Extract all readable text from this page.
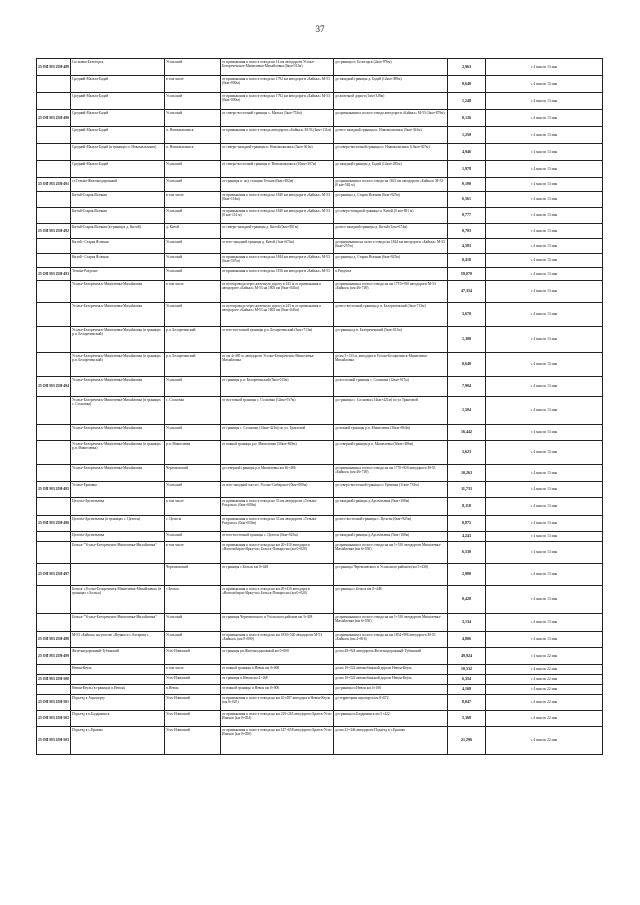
37
25 ОП МЗ 25Н-489	Сосновка-Белогорск	Усольский	от примыкания к полосе отвода на 14 км автодороги Усолье-Белореченское-Мишелевка-Михайловка (0км+013м)	до границы п. Белогорск (2км+976м)	2,963	с 4 мая по 13 мая
	Средний-Мальта-Бадай	в том числе	от примыкания к полосе отвода на 1792 км автодороги «Байкал» М-53 (0км+000м)	до западной границы д. Бадай (12км+389м)	9,648	с 4 мая по 13 мая
	Средний-Мальта-Бадай	Усольский	от примыкания к полосе отвода на 1792 км автодороги «Байкал» М-53 (0км+000м)	до железной дороги (1км+338м)	1,248	с 4 мая по 13 мая
25 ОП МЗ 25Н-490	Средний-Мальта-Бадай	Усольский	от северо-восточной границы с. Мальта (3км+753м)	до примыкания к полосе отвода автодороги «Байкал» М-53 (3км+879м)	0,126	с 4 мая по 13 мая
	Средний-Мальта-Бадай	п. Новомальтинск	от примыкания к полосе отвода автодороги «Байкал» М-53 (4км+111м)	до юго-западной границы п. Новомальтинск (5км+361м)	1,250	с 4 мая по 13 мая
	Средний-Мальта-Бадай (в границах п. Новомальтинск)	п. Новомальтинск	от северо-западной границы п. Новомальтинск (5км+361м)	до северо-восточной границы п. Новомальтинск (10км+307м)	4,946	с 4 мая по 13 мая
	Средний-Мальта-Бадай	Усольский	от северо-восточной границы п. Новомальтинск (10км+307м)	до западной границы д. Бадай (12км+285м)	1,978	с 4 мая по 13 мая
25 ОП МЗ 25Н-491	ст.Тельма-Железнодорожный	Усольский	от границы п. ж/д станции Тельма (0км+482м)	до примыкания к полосе отвода на 1821 км автодороги «Байкал» М-53 (0 км+582 м)	0,100	с 4 мая по 13 мая
	Китой-Старая Ясачная	в том числе	от примыкания к полосе отвода на 1840 км автодороги «Байкал» М-53 (0км+114м)	до границы д. Старая Ясачная (6км+925м)	6,561	с 4 мая по 13 мая
	Китой-Старая Ясачная	Усольский	от примыкания к полосе отвода на 1840 км автодороги «Байкал» М-53 (0 км+114 м)	до северо-западной границы п. Китой (0 км+891 м)	0,777	с 4 мая по 13 мая
25 ОП МЗ 25Н-492	Китой-Старая Ясачная (в границах д. Китой)	д. Китой	от северо-западной границы д. Китой (0км+891м)	до юго-западной границы д. Китой (1км+674м)	0,783	с 4 мая по 13 мая
	Китой - Старая Ясачная	Усольский	от юго-западной границы д. Китой (1км+674м)	до примыкания на полосе отвода на 1844 км автодороги «Байкал» М-53 (6км+257м)	4,583	с 4 мая по 13 мая
	Китой - Старая Ясачная	Усольский	от примыкания к полосе отвода на 1844 км автодороги «Байкал» М-53 (6км+507м)	до границы д. Старая Ясачная (6км+925м)	0,418	с 4 мая по 13 мая
25 ОП МЗ 25Н-493	Тельма-Раздолье	Усольский	от примыкания к полосе отвода на 1816 км автодороги «Байкал» М-53	п.Раздолье	59,070	с 4 мая по 13 мая
	Усолье-Белореченск-Мишелевка-Михайловка	в том числе	от путепровода через железную дорогу в 243 м от примыкания к автодороге «Байкал» М-53 на 1803 км (0км+043м)	до примыкания к полосе отвода на км 17Т0+950 автодороги М-53 «Байкал» (км 46+749)	47,354	с 4 мая по 13 мая
	Усолье-Белореченск-Мишелевка-Михайловка	Усольский	от путепровода через железную дорогу в 243 м от примыкания к автодороге «Байкал» М-53 на 1803 км (0км+043м)	до юго-восточной границы р.п. Белореченский (3км+713м)	3,670	с 4 мая по 13 мая
	Усолье-Белореченск-Мишелевка-Михайловка (в границах р.п. Белореченский)	р.п. Белореченский	от юго-восточной границы р.п. Белореченский (3км+713м)	до границы р.п. Белореченский (5км+013м)	1,300	с 4 мая по 13 мая
	Усолье-Белореченск-Мишелевка-Михайловка (в границах р.п. Белореченский)	р.п. Белореченский	от км 4+485 м. автодороги Усолье-Белореченск-Мишелевка-Михайловка	до км 5+133 м. автодороги Усолье-Белореченск-Мишелевка-Михайловка	0,648	с 4 мая по 13 мая
25 ОП МЗ 25Н-494	Усолье-Белореченск-Мишелевка-Михайловка	Усольский	от границы р.п. Белореченский (5км+013м)	до восточной границы с. Сосновка (12км+917м)	7,904	с 4 мая по 13 мая
	Усолье-Белореченск-Мишелевка-Михайловка (в границах с. Сосновка)	с. Сосновка	от восточной границы с. Сосновка (12км+917м)	до границы с. Сосновка (14км+421м) по ул Трактовой	1,504	с 4 мая по 13 мая
	Усолье-Белореченск-Мишелевка-Михайловка	Усольский	от границы с. Сосновка (14км+421м) по ул. Трактовой	до южной границы р.п. Мишелевка (30км+863м)	16,442	с 4 мая по 13 мая
	Усолье-Белореченск-Мишелевка-Михайловка (в границах р.п. Мишелевка)	р.п. Мишелевка	от южной границы р.п. Мишелевка (30км+863м)	до северной границы р.п. Мишелевка (36км+486м)	5,623	с 4 мая по 13 мая
	Усолье-Белореченск-Мишелевка-Михайловка	Черемховский	до северной границы р.п Мишелевка км 36+486	до примыкания к полосе отвода на км 1770+920 автодороги М-53 «Байкал» (км 46+749)	10,263	с 4 мая по 13 мая
25 ОП МЗ 25Н-495	Усолье-Ермовка	Усольский	от юго-западной части г. Усолье-Сибирское (0км+000м)	до северо-восточной границы п. Ермовка (11км+733м)	11,733	с 4 мая по 13 мая
	Целоты-Арсентьевка	в том числе	от примыкания к полосе отвода на 33 км автодороги «Тельма-Раздолье» (0км+000м)	до западной границы д.Арсентьевка (9км+168м)	8,118	с 4 мая по 13 мая
25 ОП МЗ 25Н-496	Целоты-Арсентьевка (в границах с. Целоты)	с. Целоты	от примыкания к полосе отвода на 33 км автодороги «Тельма-Раздолье» (0км+050м)	до юго-восточной границы с. Целоты (0км+925м)	0,875	с 4 мая по 13 мая
	Целоты-Арсентьевка	Усольский	от юго-восточной границы с. Целоты (0км+925м)	до западной границы д.Арсентьевка (5км+168м)	4,243	с 4 мая по 13 мая
	Бельск-"Усолье-Белореченск-Мишелевка-Михайловка"	в том числе	от примыкания к полосе отвода на км 20+410 автодороги «Новосибирск-Иркутск» Бельск-Помаросна (км 0+020)	до примыкания к полосе отвода на км 1+510 автодороги Мишелевка-Михайловка (км 6+550)	6,530	с 4 мая по 13 мая
25 ОП МЗ 25Н-497		Черемховский	от границы с.Бельск км 0+448	до границы Черемховского и Усольского районов (км 3+438)	2,980	с 4 мая по 13 мая
	Бельск-«Усолье-Белореченск-Мишелевка-Михайловка» (в границах с.Бельск)	с.Бельск	от примыкания к полосе отвода на км 20+410 автодороги «Новосибирск-Иркутск» Бельск-Помаросна (км 0+020)	до границы с.Бельск км 0+448	0,428	с 4 мая по 13 мая
	Бельск-"Усолье-Белореченск-Мишелевка-Михайловка"	Усольский	от границы Черемховского и Усольского районов км 3+438	до примыкания к полосе отвода на км 1+510 автодороги Мишелевка-Михайловка (км 6+550)	3,134	с 4 мая по 13 мая
25 ОП МЗ 25Н-498	М-53 «Байкал» на участке «Ведяко и с.Алтарику»	Усольский	от примыкания к полосе отвода на км 1830+540 автодороги М-53 «Байкал» (км 0+000)	до примыкания к полосе отвода на км 1834+986 автодороги М-53 «Байкал» (км 4+816)	4,806	с 4 мая по 13 мая
25 ОП МЗ 25Н-499	Железнодорожный-Тубинский	Усть-Илимский	от границы рп.Железнодорожный км 0+000	до км 49+924 автодороги Железнодорожный-Тубинский	49,924	с 4 мая по 22 мая
	Невон-Кеуль	в том числе	от южной границы п.Невон км 0+000	до км 10+522 автомобильной дороги Невон-Кеуль	10,532	с 4 мая по 22 мая
25 ОП МЗ 25Н-500		Усть-Илимский	от границы п.Невон км 4+168	до км 10+522 автомобильной дороги Невон-Кеуль	6,354	с 4 мая по 22 мая
	Невон-Кеуль (в границах п.Невон)	п.Невон	от южной границы п.Невон км 0+000	до границы п.Невон км 4+168	4,168	с 4 мая по 22 мая
25 ОП МЗ 25Н-501	Подъезд к Аэропорту	Усть-Илимский	от примыкания к полосе отвода на км 10+487 автодороги Невон-Кеуль (км 0+025)	до территории аэропорта км 8+072	8,047	с 4 мая по 22 мая
25 ОП МЗ 25Н-502	Подъезд к п.Бадарминск	Усть-Илимский	от примыкания к полосе отвода на км 219+265 автодороги Братск-Усть-Илимск (км 0+054)	до границы п.Бадарминск км 5+422	5,368	с 4 мая по 22 мая
25 ОП МЗ 25Н-503	Подъезд к с.Ершово	Усть-Илимский	от примыкания к полосе отвода на км 147+658 автодороги Братск-Усть-Илимск (км 0+050)	до км 21+346 автодороги Подъезд к с.Ершово	21,296	с 4 мая по 22 мая
